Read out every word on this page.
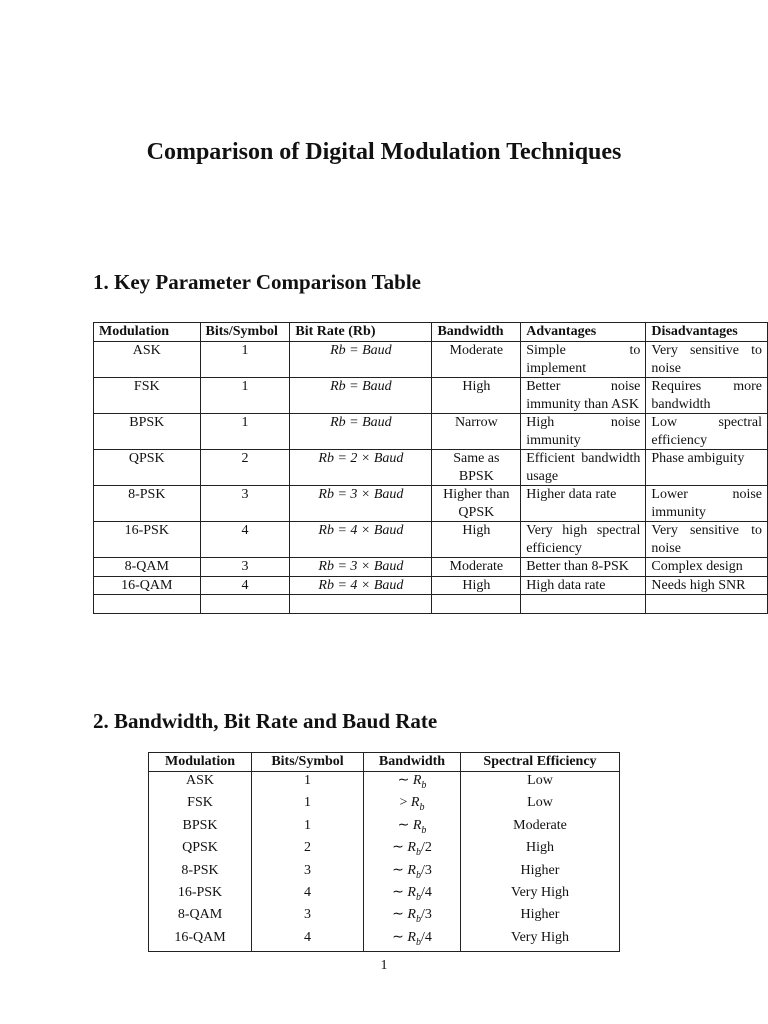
Comparison of Digital Modulation Techniques
1. Key Parameter Comparison Table
Modulation	Bits/Symbol	Bit Rate (Rb)	Bandwidth	Advantages	Disadvantages
ASK	1	Rb = Baud	Moderate	Simple to implement	Very sensitive to noise
FSK	1	Rb = Baud	High	Better noise immunity than ASK	Requires more bandwidth
BPSK	1	Rb = Baud	Narrow	High noise immunity	Low spectral efficiency
QPSK	2	Rb = 2 × Baud	Same as BPSK	Efficient bandwidth usage	Phase ambiguity
8-PSK	3	Rb = 3 × Baud	Higher than QPSK	Higher data rate	Lower noise immunity
16-PSK	4	Rb = 4 × Baud	High	Very high spectral efficiency	Very sensitive to noise
8-QAM	3	Rb = 3 × Baud	Moderate	Better than 8-PSK	Complex design
16-QAM	4	Rb = 4 × Baud	High	High data rate	Needs high SNR

2. Bandwidth, Bit Rate and Baud Rate
Modulation	Bits/Symbol	Bandwidth	Spectral Efficiency
ASK	1	∼ $R_b$	Low
FSK	1	> $R_b$	Low
BPSK	1	∼ $R_b$	Moderate
QPSK	2	∼ $R_b/2$	High
8-PSK	3	∼ $R_b/3$	Higher
16-PSK	4	∼ $R_b/4$	Very High
8-QAM	3	∼ $R_b/3$	Higher
16-QAM	4	∼ $R_b/4$	Very High
1
